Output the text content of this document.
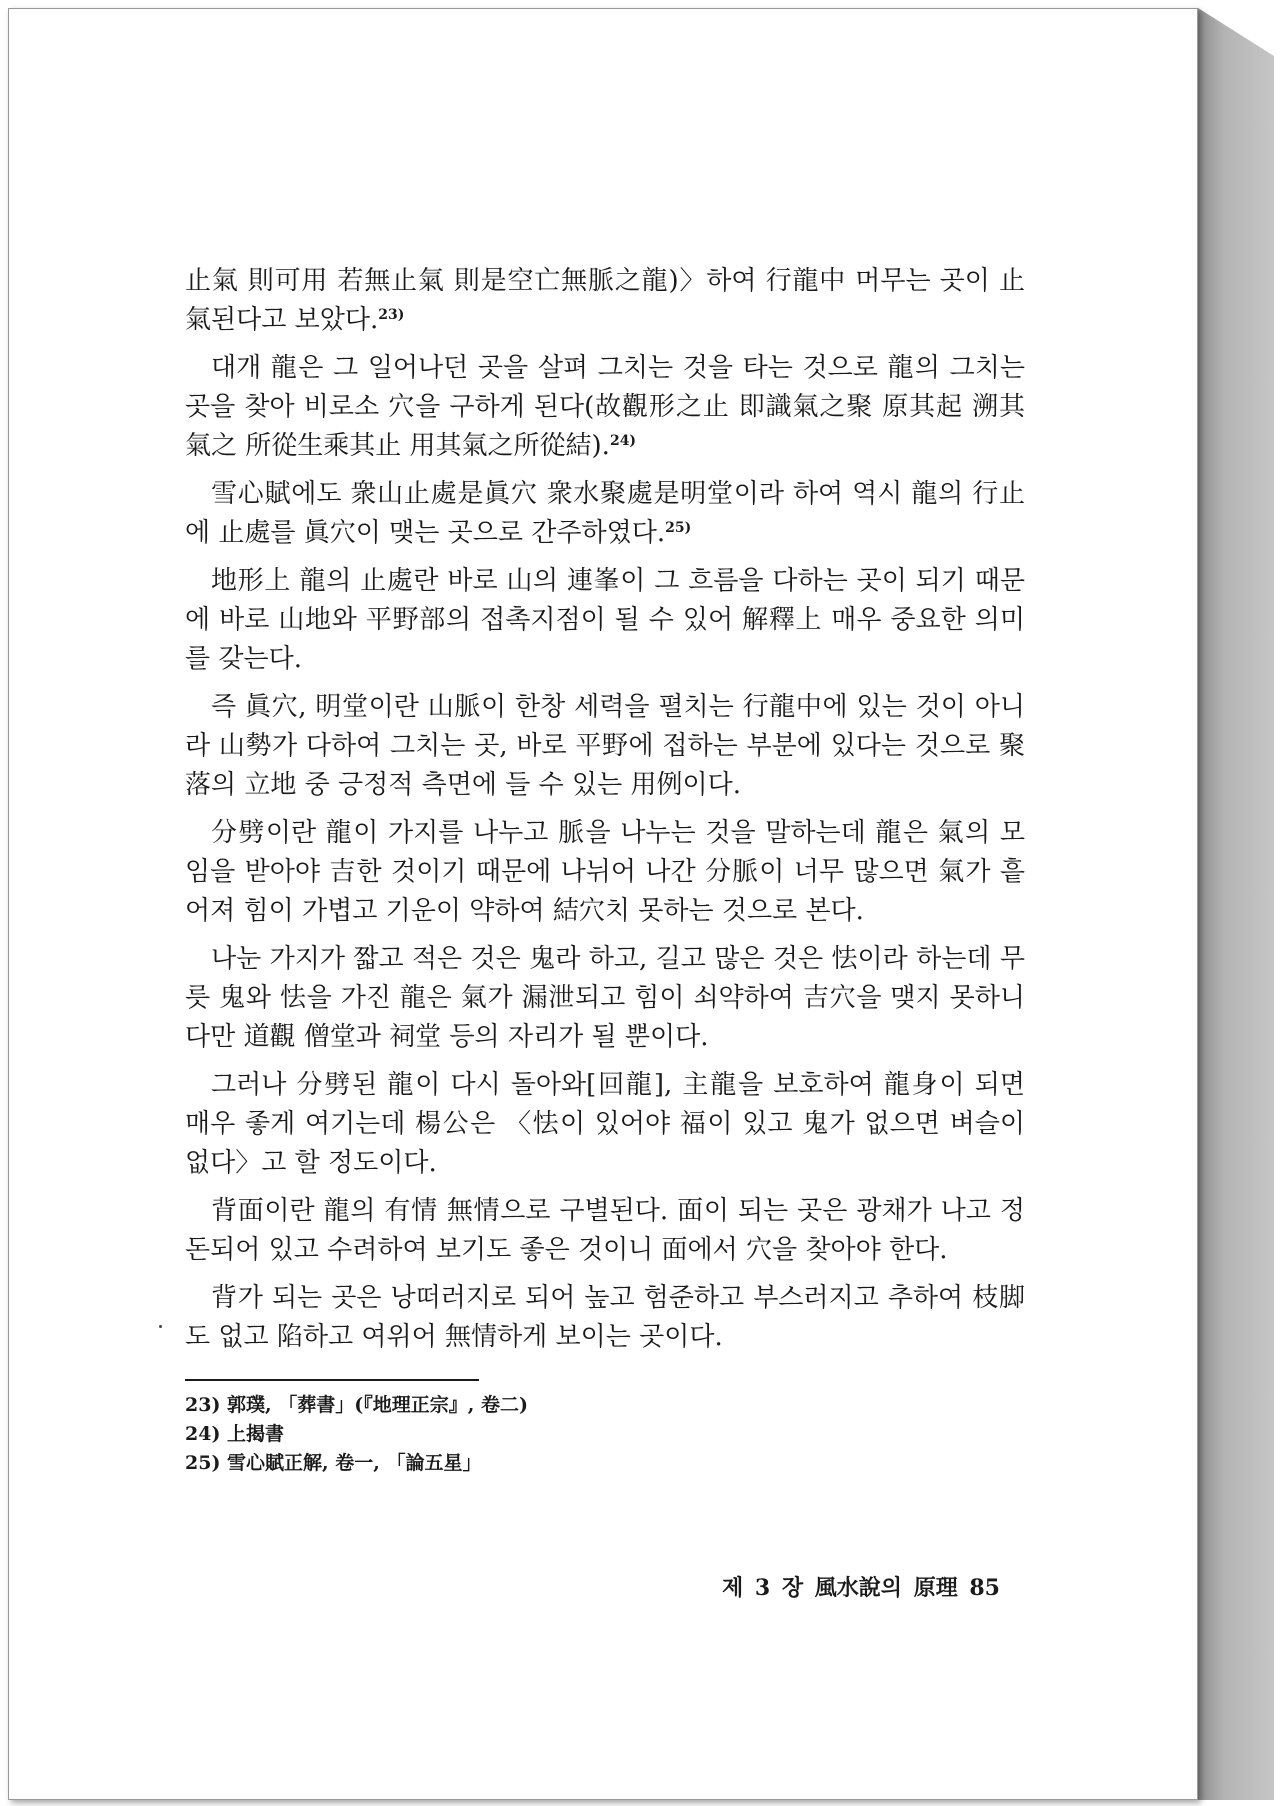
止氣 則可用 若無止氣 則是空亡無脈之龍)〉하여 行龍中 머무는 곳이 止氣된다고 보았다.$^{23)}$

대개 龍은 그 일어나던 곳을 살펴 그치는 것을 타는 것으로 龍의 그치는 곳을 찾아 비로소 穴을 구하게 된다(故觀形之止 即識氣之聚 原其起 溯其氣之 所從生乘其止 用其氣之所從結).$^{24)}$

雪心賦에도 衆山止處是眞穴 衆水聚處是明堂이라 하여 역시 龍의 行止에 止處를 眞穴이 맺는 곳으로 간주하였다.$^{25)}$

地形上 龍의 止處란 바로 山의 連峯이 그 흐름을 다하는 곳이 되기 때문에 바로 山地와 平野部의 접촉지점이 될 수 있어 解釋上 매우 중요한 의미를 갖는다.

즉 眞穴, 明堂이란 山脈이 한창 세력을 펼치는 行龍中에 있는 것이 아니라 山勢가 다하여 그치는 곳, 바로 平野에 접하는 부분에 있다는 것으로 聚落의 立地 중 긍정적 측면에 들 수 있는 用例이다.

分劈이란 龍이 가지를 나누고 脈을 나누는 것을 말하는데 龍은 氣의 모임을 받아야 吉한 것이기 때문에 나뉘어 나간 分脈이 너무 많으면 氣가 흩어져 힘이 가볍고 기운이 약하여 結穴치 못하는 것으로 본다.

나눈 가지가 짧고 적은 것은 鬼라 하고, 길고 많은 것은 怯이라 하는데 무릇 鬼와 怯을 가진 龍은 氣가 漏泄되고 힘이 쇠약하여 吉穴을 맺지 못하니 다만 道觀 僧堂과 祠堂 등의 자리가 될 뿐이다.

그러나 分劈된 龍이 다시 돌아와[回龍], 主龍을 보호하여 龍身이 되면 매우 좋게 여기는데 楊公은 〈怯이 있어야 福이 있고 鬼가 없으면 벼슬이 없다〉고 할 정도이다.

背面이란 龍의 有情 無情으로 구별된다. 面이 되는 곳은 광채가 나고 정돈되어 있고 수려하여 보기도 좋은 것이니 面에서 穴을 찾아야 한다.

背가 되는 곳은 낭떠러지로 되어 높고 험준하고 부스러지고 추하여 枝脚도 없고 陷하고 여위어 無情하게 보이는 곳이다.

23) 郭璞, 「葬書」(『地理正宗』, 卷二)

24) 上揭書

25) 雪心賦正解, 卷一, 「論五星」

제 3 장 風水說의 原理 85
